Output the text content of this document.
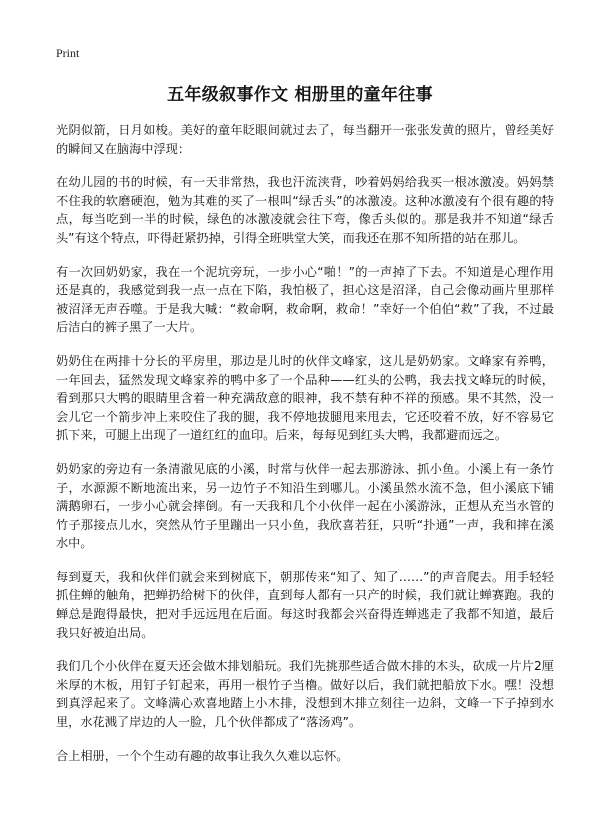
Print
五年级叙事作文 相册里的童年往事

光阴似箭，日月如梭。美好的童年眨眼间就过去了，每当翻开一张张发黄的照片，曾经美好的瞬间又在脑海中浮现：

在幼儿园的书的时候，有一天非常热，我也汗流浃背，吵着妈妈给我买一根冰激凌。妈妈禁不住我的软磨硬泡，勉为其难的买了一根叫“绿舌头”的冰激凌。这种冰激凌有个很有趣的特点，每当吃到一半的时候，绿色的冰激凌就会往下弯，像舌头似的。那是我并不知道“绿舌头”有这个特点，吓得赶紧扔掉，引得全班哄堂大笑，而我还在那不知所措的站在那儿。

有一次回奶奶家，我在一个泥坑旁玩，一步小心“啪！”的一声掉了下去。不知道是心理作用还是真的，我感觉到我一点一点在下陷，我怕极了，担心这是沼泽，自己会像动画片里那样被沼泽无声吞噬。于是我大喊：“救命啊，救命啊，救命！”幸好一个伯伯“救”了我，不过最后洁白的裤子黑了一大片。

奶奶住在两排十分长的平房里，那边是儿时的伙伴文峰家，这儿是奶奶家。文峰家有养鸭，一年回去，猛然发现文峰家养的鸭中多了一个品种——红头的公鸭，我去找文峰玩的时候，看到那只大鸭的眼睛里含着一种充满敌意的眼神，我不禁有种不祥的预感。果不其然，没一会儿它一个箭步冲上来咬住了我的腿，我不停地拔腿甩来甩去，它还咬着不放，好不容易它抓下来，可腿上出现了一道红红的血印。后来，每每见到红头大鸭，我都避而远之。

奶奶家的旁边有一条清澈见底的小溪，时常与伙伴一起去那游泳、抓小鱼。小溪上有一条竹子，水源源不断地流出来，另一边竹子不知沿生到哪儿。小溪虽然水流不急，但小溪底下铺满鹅卵石，一步小心就会摔倒。有一天我和几个小伙伴一起在小溪游泳，正想从充当水管的竹子那接点儿水，突然从竹子里蹦出一只小鱼，我欣喜若狂，只听“扑通”一声，我和摔在溪水中。

每到夏天，我和伙伴们就会来到树底下，朝那传来“知了、知了……”的声音爬去。用手轻轻抓住蝉的触角，把蝉扔给树下的伙伴，直到每人都有一只产的时候，我们就让蝉赛跑。我的蝉总是跑得最快，把对手远远甩在后面。每这时我都会兴奋得连蝉逃走了我都不知道，最后我只好被迫出局。

我们几个小伙伴在夏天还会做木排划船玩。我们先挑那些适合做木排的木头，砍成一片片2厘米厚的木板，用钉子钉起来，再用一根竹子当橹。做好以后，我们就把船放下水。嘿！没想到真浮起来了。文峰满心欢喜地踏上小木排，没想到木排立刻往一边斜，文峰一下子掉到水里，水花溅了岸边的人一脸，几个伙伴都成了“落汤鸡”。

合上相册，一个个生动有趣的故事让我久久难以忘怀。
